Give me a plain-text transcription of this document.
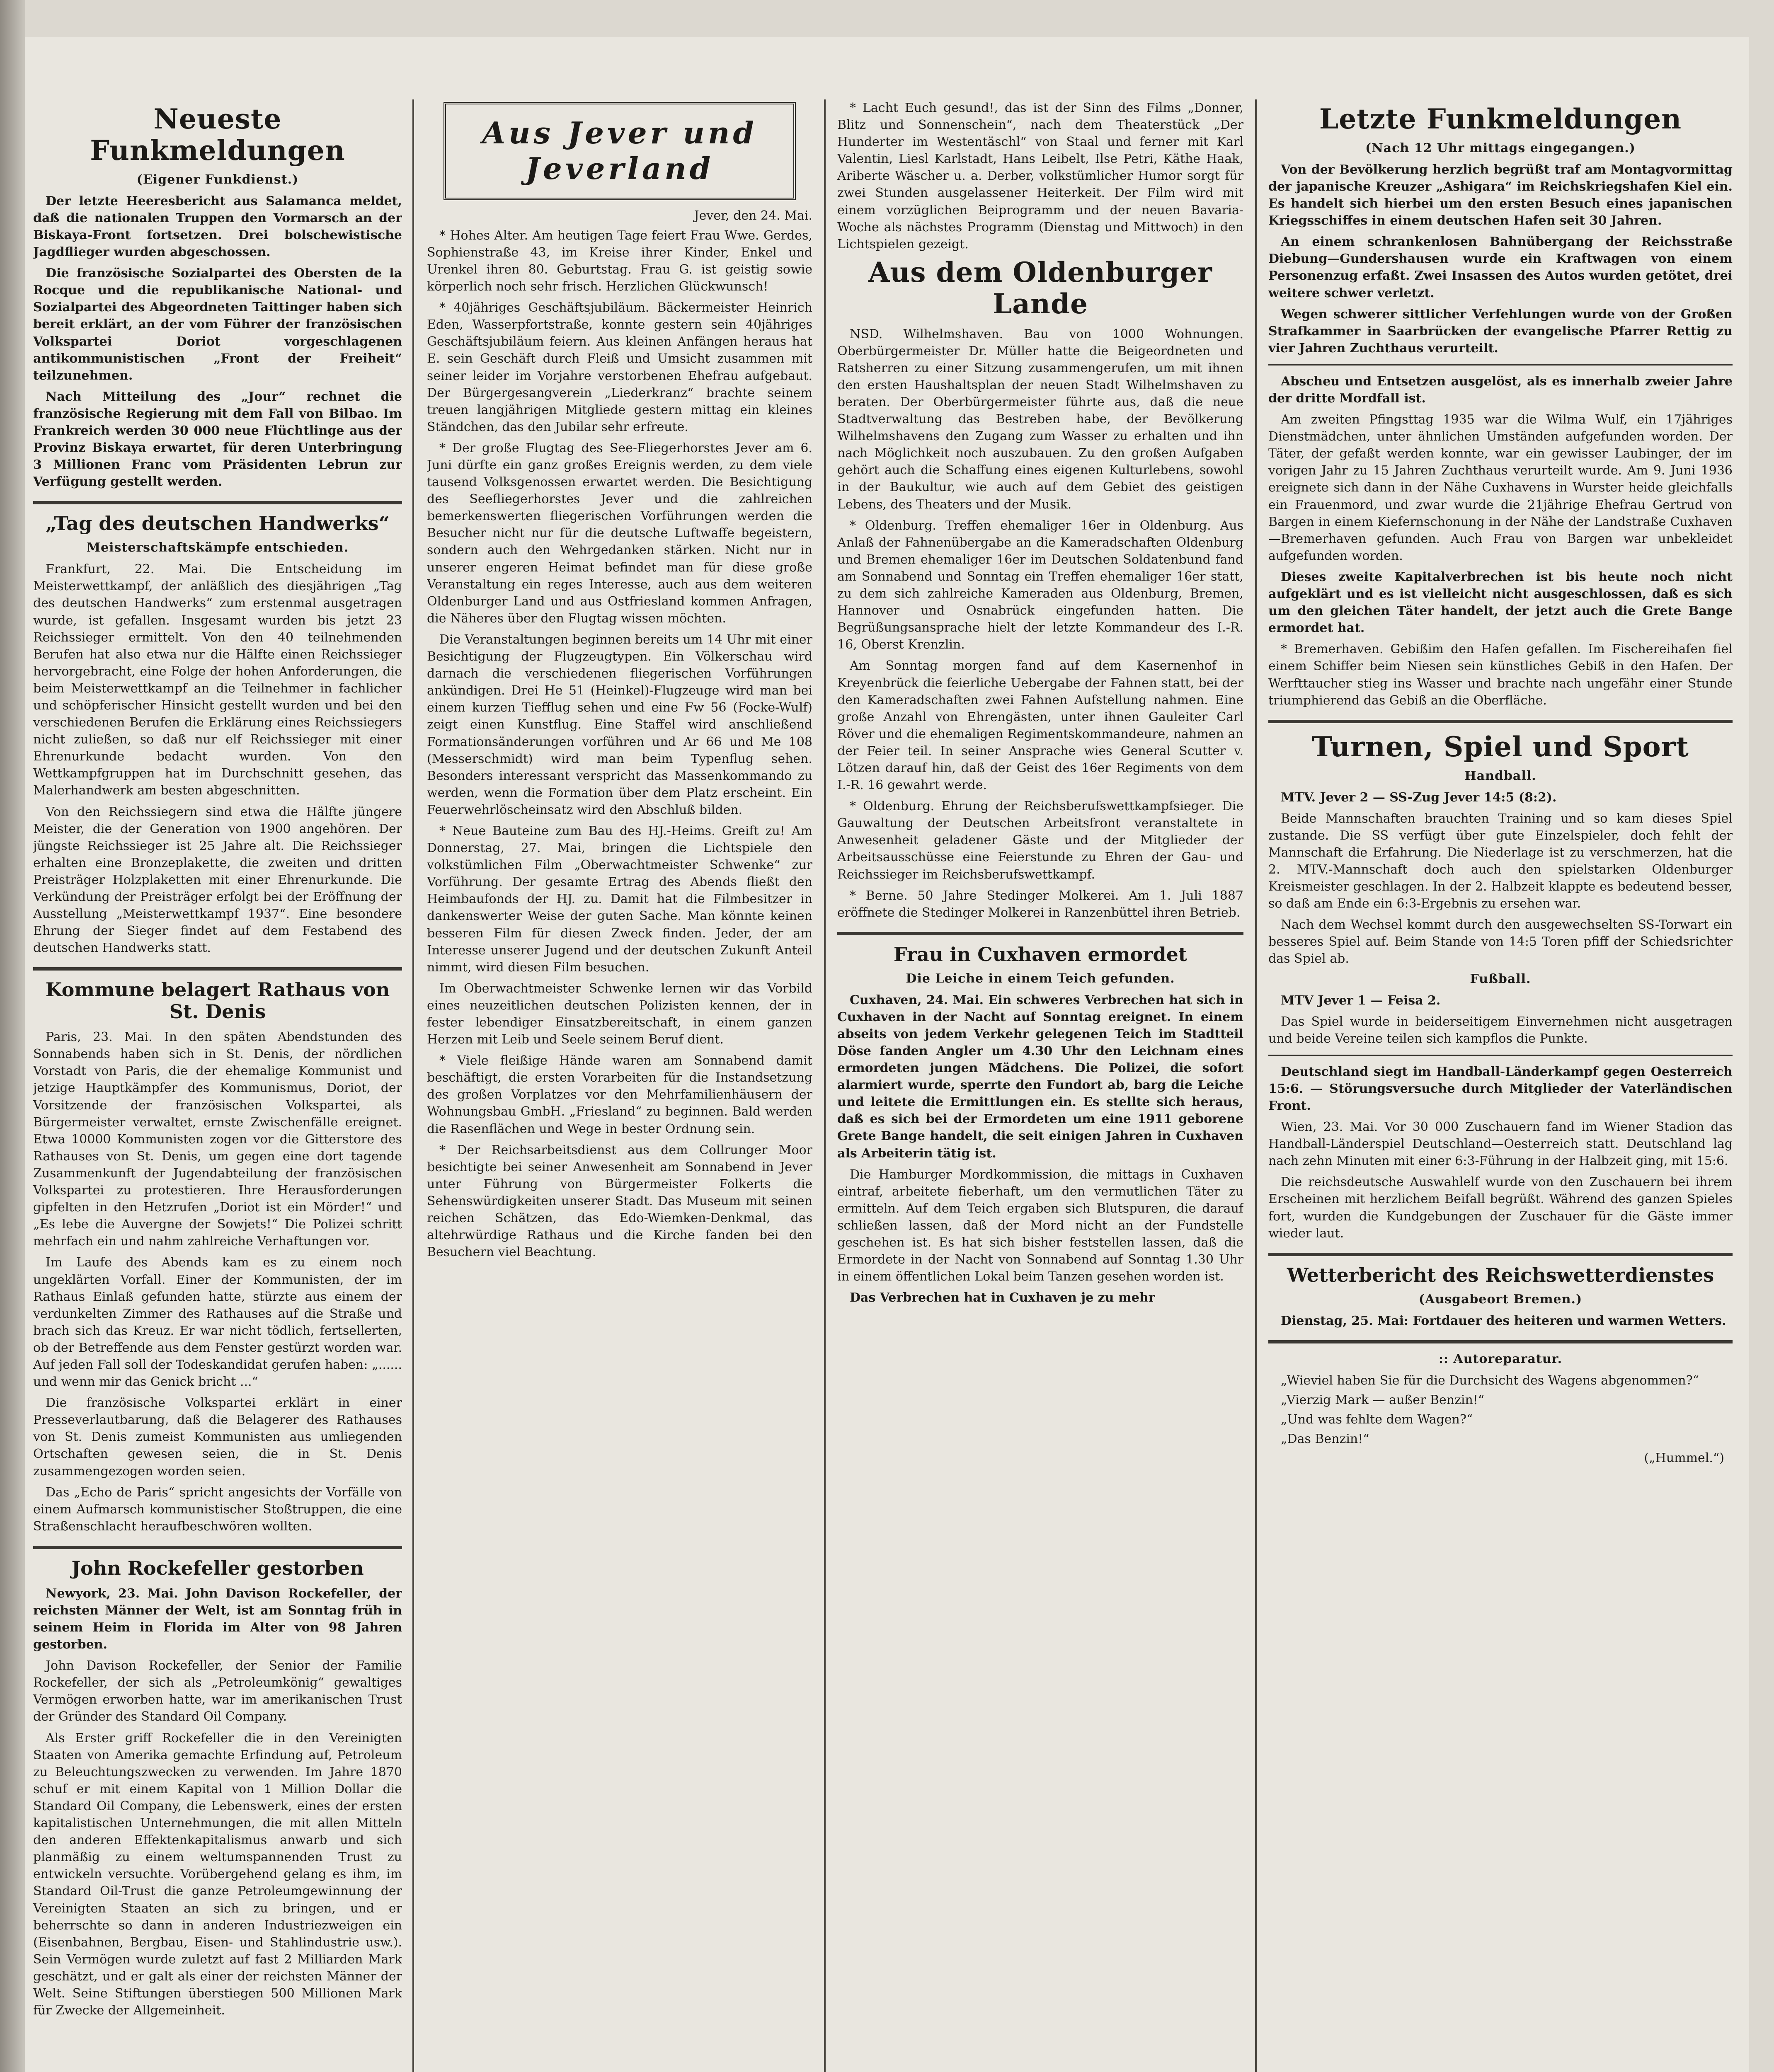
Neueste Funkmeldungen
(Eigener Funkdienst.)

Der letzte Heeresbericht aus Salamanca meldet, daß die nationalen Truppen den Vormarsch an der Biskaya-Front fortsetzen. Drei bolschewistische Jagdflieger wurden abgeschossen.

Die französische Sozialpartei des Obersten de la Rocque und die republikanische National- und Sozialpartei des Abgeordneten Taittinger haben sich bereit erklärt, an der vom Führer der französischen Volkspartei Doriot vorgeschlagenen antikommunistischen „Front der Freiheit“ teilzunehmen.

Nach Mitteilung des „Jour“ rechnet die französische Regierung mit dem Fall von Bilbao. Im Frankreich werden 30 000 neue Flüchtlinge aus der Provinz Biskaya erwartet, für deren Unterbringung 3 Millionen Franc vom Präsidenten Lebrun zur Verfügung gestellt werden.

„Tag des deutschen Handwerks“
Meisterschaftskämpfe entschieden.

Frankfurt, 22. Mai. Die Entscheidung im Meisterwettkampf, der anläßlich des diesjährigen „Tag des deutschen Handwerks“ zum erstenmal ausgetragen wurde, ist gefallen. Insgesamt wurden bis jetzt 23 Reichssieger ermittelt. Von den 40 teilnehmenden Berufen hat also etwa nur die Hälfte einen Reichssieger hervorgebracht, eine Folge der hohen Anforderungen, die beim Meisterwettkampf an die Teilnehmer in fachlicher und schöpferischer Hinsicht gestellt wurden und bei den verschiedenen Berufen die Erklärung eines Reichssiegers nicht zuließen, so daß nur elf Reichssieger mit einer Ehrenurkunde bedacht wurden. Von den Wettkampfgruppen hat im Durchschnitt gesehen, das Malerhandwerk am besten abgeschnitten.

Von den Reichssiegern sind etwa die Hälfte jüngere Meister, die der Generation von 1900 angehören. Der jüngste Reichssieger ist 25 Jahre alt. Die Reichssieger erhalten eine Bronzeplakette, die zweiten und dritten Preisträger Holzplaketten mit einer Ehrenurkunde. Die Verkündung der Preisträger erfolgt bei der Eröffnung der Ausstellung „Meisterwettkampf 1937“. Eine besondere Ehrung der Sieger findet auf dem Festabend des deutschen Handwerks statt.

Kommune belagert Rathaus von St. Denis

Paris, 23. Mai. In den späten Abendstunden des Sonnabends haben sich in St. Denis, der nördlichen Vorstadt von Paris, die der ehemalige Kommunist und jetzige Hauptkämpfer des Kommunismus, Doriot, der Vorsitzende der französischen Volkspartei, als Bürgermeister verwaltet, ernste Zwischenfälle ereignet. Etwa 10000 Kommunisten zogen vor die Gitterstore des Rathauses von St. Denis, um gegen eine dort tagende Zusammenkunft der Jugendabteilung der französischen Volkspartei zu protestieren. Ihre Herausforderungen gipfelten in den Hetzrufen „Doriot ist ein Mörder!“ und „Es lebe die Auvergne der Sowjets!“ Die Polizei schritt mehrfach ein und nahm zahlreiche Verhaftungen vor.

Im Laufe des Abends kam es zu einem noch ungeklärten Vorfall. Einer der Kommunisten, der im Rathaus Einlaß gefunden hatte, stürzte aus einem der verdunkelten Zimmer des Rathauses auf die Straße und brach sich das Kreuz. Er war nicht tödlich, fertsellerten, ob der Betreffende aus dem Fenster gestürzt worden war. Auf jeden Fall soll der Todeskandidat gerufen haben: „...... und wenn mir das Genick bricht ...“

Die französische Volkspartei erklärt in einer Presseverlautbarung, daß die Belagerer des Rathauses von St. Denis zumeist Kommunisten aus umliegenden Ortschaften gewesen seien, die in St. Denis zusammengezogen worden seien.

Das „Echo de Paris“ spricht angesichts der Vorfälle von einem Aufmarsch kommunistischer Stoßtruppen, die eine Straßenschlacht heraufbeschwören wollten.

John Rockefeller gestorben

Newyork, 23. Mai. John Davison Rockefeller, der reichsten Männer der Welt, ist am Sonntag früh in seinem Heim in Florida im Alter von 98 Jahren gestorben.

John Davison Rockefeller, der Senior der Familie Rockefeller, der sich als „Petroleumkönig“ gewaltiges Vermögen erworben hatte, war im amerikanischen Trust der Gründer des Standard Oil Company.

Als Erster griff Rockefeller die in den Vereinigten Staaten von Amerika gemachte Erfindung auf, Petroleum zu Beleuchtungszwecken zu verwenden. Im Jahre 1870 schuf er mit einem Kapital von 1 Million Dollar die Standard Oil Company, die Lebenswerk, eines der ersten kapitalistischen Unternehmungen, die mit allen Mitteln den anderen Effektenkapitalismus anwarb und sich planmäßig zu einem weltumspannenden Trust zu entwickeln versuchte. Vorübergehend gelang es ihm, im Standard Oil-Trust die ganze Petroleumgewinnung der Vereinigten Staaten an sich zu bringen, und er beherrschte so dann in anderen Industriezweigen ein (Eisenbahnen, Bergbau, Eisen- und Stahlindustrie usw.). Sein Vermögen wurde zuletzt auf fast 2 Milliarden Mark geschätzt, und er galt als einer der reichsten Männer der Welt. Seine Stiftungen überstiegen 500 Millionen Mark für Zwecke der Allgemeinheit.

Aus Jever und Jeverland
Jever, den 24. Mai.

* Hohes Alter. Am heutigen Tage feiert Frau Wwe. Gerdes, Sophienstraße 43, im Kreise ihrer Kinder, Enkel und Urenkel ihren 80. Geburtstag. Frau G. ist geistig sowie körperlich noch sehr frisch. Herzlichen Glückwunsch!

* 40jähriges Geschäftsjubiläum. Bäckermeister Heinrich Eden, Wasserpfortstraße, konnte gestern sein 40jähriges Geschäftsjubiläum feiern. Aus kleinen Anfängen heraus hat E. sein Geschäft durch Fleiß und Umsicht zusammen mit seiner leider im Vorjahre verstorbenen Ehefrau aufgebaut. Der Bürgergesangverein „Liederkranz“ brachte seinem treuen langjährigen Mitgliede gestern mittag ein kleines Ständchen, das den Jubilar sehr erfreute.

* Der große Flugtag des See-Fliegerhorstes Jever am 6. Juni dürfte ein ganz großes Ereignis werden, zu dem viele tausend Volksgenossen erwartet werden. Die Besichtigung des Seefliegerhorstes Jever und die zahlreichen bemerkenswerten fliegerischen Vorführungen werden die Besucher nicht nur für die deutsche Luftwaffe begeistern, sondern auch den Wehrgedanken stärken. Nicht nur in unserer engeren Heimat befindet man für diese große Veranstaltung ein reges Interesse, auch aus dem weiteren Oldenburger Land und aus Ostfriesland kommen Anfragen, die Näheres über den Flugtag wissen möchten.

Die Veranstaltungen beginnen bereits um 14 Uhr mit einer Besichtigung der Flugzeugtypen. Ein Völkerschau wird darnach die verschiedenen fliegerischen Vorführungen ankündigen. Drei He 51 (Heinkel)-Flugzeuge wird man bei einem kurzen Tiefflug sehen und eine Fw 56 (Focke-Wulf) zeigt einen Kunstflug. Eine Staffel wird anschließend Formationsänderungen vorführen und Ar 66 und Me 108 (Messerschmidt) wird man beim Typenflug sehen. Besonders interessant verspricht das Massenkommando zu werden, wenn die Formation über dem Platz erscheint. Ein Feuerwehrlöscheinsatz wird den Abschluß bilden.

* Neue Bauteine zum Bau des HJ.-Heims. Greift zu! Am Donnerstag, 27. Mai, bringen die Lichtspiele den volkstümlichen Film „Oberwachtmeister Schwenke“ zur Vorführung. Der gesamte Ertrag des Abends fließt den Heimbaufonds der HJ. zu. Damit hat die Filmbesitzer in dankenswerter Weise der guten Sache. Man könnte keinen besseren Film für diesen Zweck finden. Jeder, der am Interesse unserer Jugend und der deutschen Zukunft Anteil nimmt, wird diesen Film besuchen.

Im Oberwachtmeister Schwenke lernen wir das Vorbild eines neuzeitlichen deutschen Polizisten kennen, der in fester lebendiger Einsatzbereitschaft, in einem ganzen Herzen mit Leib und Seele seinem Beruf dient.

* Viele fleißige Hände waren am Sonnabend damit beschäftigt, die ersten Vorarbeiten für die Instandsetzung des großen Vorplatzes vor den Mehrfamilienhäusern der Wohnungsbau GmbH. „Friesland“ zu beginnen. Bald werden die Rasenflächen und Wege in bester Ordnung sein.

* Der Reichsarbeitsdienst aus dem Collrunger Moor besichtigte bei seiner Anwesenheit am Sonnabend in Jever unter Führung von Bürgermeister Folkerts die Sehenswürdigkeiten unserer Stadt. Das Museum mit seinen reichen Schätzen, das Edo-Wiemken-Denkmal, das altehrwürdige Rathaus und die Kirche fanden bei den Besuchern viel Beachtung.

* Lacht Euch gesund!, das ist der Sinn des Films „Donner, Blitz und Sonnenschein“, nach dem Theaterstück „Der Hunderter im Westentäschl“ von Staal und ferner mit Karl Valentin, Liesl Karlstadt, Hans Leibelt, Ilse Petri, Käthe Haak, Ariberte Wäscher u. a. Derber, volkstümlicher Humor sorgt für zwei Stunden ausgelassener Heiterkeit. Der Film wird mit einem vorzüglichen Beiprogramm und der neuen Bavaria-Woche als nächstes Programm (Dienstag und Mittwoch) in den Lichtspielen gezeigt.

Aus dem Oldenburger Lande

NSD. Wilhelmshaven. Bau von 1000 Wohnungen. Oberbürgermeister Dr. Müller hatte die Beigeordneten und Ratsherren zu einer Sitzung zusammengerufen, um mit ihnen den ersten Haushaltsplan der neuen Stadt Wilhelmshaven zu beraten. Der Oberbürgermeister führte aus, daß die neue Stadtverwaltung das Bestreben habe, der Bevölkerung Wilhelmshavens den Zugang zum Wasser zu erhalten und ihn nach Möglichkeit noch auszubauen. Zu den großen Aufgaben gehört auch die Schaffung eines eigenen Kulturlebens, sowohl in der Baukultur, wie auch auf dem Gebiet des geistigen Lebens, des Theaters und der Musik.

* Oldenburg. Treffen ehemaliger 16er in Oldenburg. Aus Anlaß der Fahnenübergabe an die Kameradschaften Oldenburg und Bremen ehemaliger 16er im Deutschen Soldatenbund fand am Sonnabend und Sonntag ein Treffen ehemaliger 16er statt, zu dem sich zahlreiche Kameraden aus Oldenburg, Bremen, Hannover und Osnabrück eingefunden hatten. Die Begrüßungsansprache hielt der letzte Kommandeur des I.-R. 16, Oberst Krenzlin.

Am Sonntag morgen fand auf dem Kasernenhof in Kreyenbrück die feierliche Uebergabe der Fahnen statt, bei der den Kameradschaften zwei Fahnen Aufstellung nahmen. Eine große Anzahl von Ehrengästen, unter ihnen Gauleiter Carl Röver und die ehemaligen Regimentskommandeure, nahmen an der Feier teil. In seiner Ansprache wies General Scutter v. Lötzen darauf hin, daß der Geist des 16er Regiments von dem I.-R. 16 gewahrt werde.

* Oldenburg. Ehrung der Reichsberufswettkampfsieger. Die Gauwaltung der Deutschen Arbeitsfront veranstaltete in Anwesenheit geladener Gäste und der Mitglieder der Arbeitsausschüsse eine Feierstunde zu Ehren der Gau- und Reichssieger im Reichsberufswettkampf.

* Berne. 50 Jahre Stedinger Molkerei. Am 1. Juli 1887 eröffnete die Stedinger Molkerei in Ranzenbüttel ihren Betrieb.

Frau in Cuxhaven ermordet
Die Leiche in einem Teich gefunden.

Cuxhaven, 24. Mai. Ein schweres Verbrechen hat sich in Cuxhaven in der Nacht auf Sonntag ereignet. In einem abseits von jedem Verkehr gelegenen Teich im Stadtteil Döse fanden Angler um 4.30 Uhr den Leichnam eines ermordeten jungen Mädchens. Die Polizei, die sofort alarmiert wurde, sperrte den Fundort ab, barg die Leiche und leitete die Ermittlungen ein. Es stellte sich heraus, daß es sich bei der Ermordeten um eine 1911 geborene Grete Bange handelt, die seit einigen Jahren in Cuxhaven als Arbeiterin tätig ist.

Die Hamburger Mordkommission, die mittags in Cuxhaven eintraf, arbeitete fieberhaft, um den vermutlichen Täter zu ermitteln. Auf dem Teich ergaben sich Blutspuren, die darauf schließen lassen, daß der Mord nicht an der Fundstelle geschehen ist. Es hat sich bisher feststellen lassen, daß die Ermordete in der Nacht von Sonnabend auf Sonntag 1.30 Uhr in einem öffentlichen Lokal beim Tanzen gesehen worden ist.

Das Verbrechen hat in Cuxhaven je zu mehr

Letzte Funkmeldungen
(Nach 12 Uhr mittags eingegangen.)

Von der Bevölkerung herzlich begrüßt traf am Montagvormittag der japanische Kreuzer „Ashigara“ im Reichskriegshafen Kiel ein. Es handelt sich hierbei um den ersten Besuch eines japanischen Kriegsschiffes in einem deutschen Hafen seit 30 Jahren.

An einem schrankenlosen Bahnübergang der Reichsstraße Diebung—Gundershausen wurde ein Kraftwagen von einem Personenzug erfaßt. Zwei Insassen des Autos wurden getötet, drei weitere schwer verletzt.

Wegen schwerer sittlicher Verfehlungen wurde von der Großen Strafkammer in Saarbrücken der evangelische Pfarrer Rettig zu vier Jahren Zuchthaus verurteilt.

Abscheu und Entsetzen ausgelöst, als es innerhalb zweier Jahre der dritte Mordfall ist.

Am zweiten Pfingsttag 1935 war die Wilma Wulf, ein 17jähriges Dienstmädchen, unter ähnlichen Umständen aufgefunden worden. Der Täter, der gefaßt werden konnte, war ein gewisser Laubinger, der im vorigen Jahr zu 15 Jahren Zuchthaus verurteilt wurde. Am 9. Juni 1936 ereignete sich dann in der Nähe Cuxhavens in Wurster heide gleichfalls ein Frauenmord, und zwar wurde die 21jährige Ehefrau Gertrud von Bargen in einem Kiefernschonung in der Nähe der Landstraße Cuxhaven—Bremerhaven gefunden. Auch Frau von Bargen war unbekleidet aufgefunden worden.

Dieses zweite Kapitalverbrechen ist bis heute noch nicht aufgeklärt und es ist vielleicht nicht ausgeschlossen, daß es sich um den gleichen Täter handelt, der jetzt auch die Grete Bange ermordet hat.

* Bremerhaven. Gebißim den Hafen gefallen. Im Fischereihafen fiel einem Schiffer beim Niesen sein künstliches Gebiß in den Hafen. Der Werfttaucher stieg ins Wasser und brachte nach ungefähr einer Stunde triumphierend das Gebiß an die Oberfläche.

Turnen, Spiel und Sport
Handball.

MTV. Jever 2 — SS-Zug Jever 14:5 (8:2).

Beide Mannschaften brauchten Training und so kam dieses Spiel zustande. Die SS verfügt über gute Einzelspieler, doch fehlt der Mannschaft die Erfahrung. Die Niederlage ist zu verschmerzen, hat die 2. MTV.-Mannschaft doch auch den spielstarken Oldenburger Kreismeister geschlagen. In der 2. Halbzeit klappte es bedeutend besser, so daß am Ende ein 6:3-Ergebnis zu ersehen war.

Nach dem Wechsel kommt durch den ausgewechselten SS-Torwart ein besseres Spiel auf. Beim Stande von 14:5 Toren pfiff der Schiedsrichter das Spiel ab.

Fußball.

MTV Jever 1 — Feisa 2.

Das Spiel wurde in beiderseitigem Einvernehmen nicht ausgetragen und beide Vereine teilen sich kampflos die Punkte.

Deutschland siegt im Handball-Länderkampf gegen Oesterreich 15:6. — Störungsversuche durch Mitglieder der Vaterländischen Front.

Wien, 23. Mai. Vor 30 000 Zuschauern fand im Wiener Stadion das Handball-Länderspiel Deutschland—Oesterreich statt. Deutschland lag nach zehn Minuten mit einer 6:3-Führung in der Halbzeit ging, mit 15:6.

Die reichsdeutsche Auswahlelf wurde von den Zuschauern bei ihrem Erscheinen mit herzlichem Beifall begrüßt. Während des ganzen Spieles fort, wurden die Kundgebungen der Zuschauer für die Gäste immer wieder laut.

Wetterbericht des Reichswetterdienstes
(Ausgabeort Bremen.)

Dienstag, 25. Mai: Fortdauer des heiteren und warmen Wetters.

:: Autoreparatur.
„Wieviel haben Sie für die Durchsicht des Wagens abgenommen?“
„Vierzig Mark — außer Benzin!“
„Und was fehlte dem Wagen?“
„Das Benzin!“
(„Hummel.“)
